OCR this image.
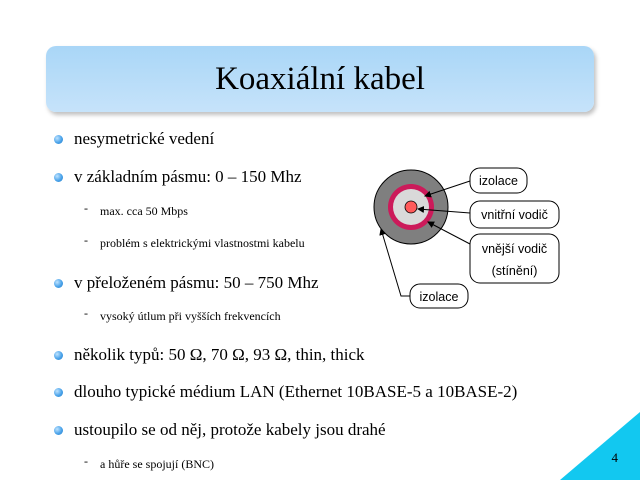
Koaxiální kabel
nesymetrické vedení
v základním pásmu: 0 – 150 Mhz
- max. cca 50 Mbps
- problém s elektrickými vlastnostmi kabelu
v přeloženém pásmu: 50 – 750 Mhz
- vysoký útlum při vyšších frekvencích
několik typů: 50 Ω, 70 Ω, 93 Ω, thin, thick
dlouho typické médium LAN (Ethernet 10BASE-5 a 10BASE-2)
ustoupilo se od něj, protože kabely jsou drahé
- a hůře se spojují (BNC)
izolace
vnitřní vodič
vnější vodič
(stínění)
izolace
4
